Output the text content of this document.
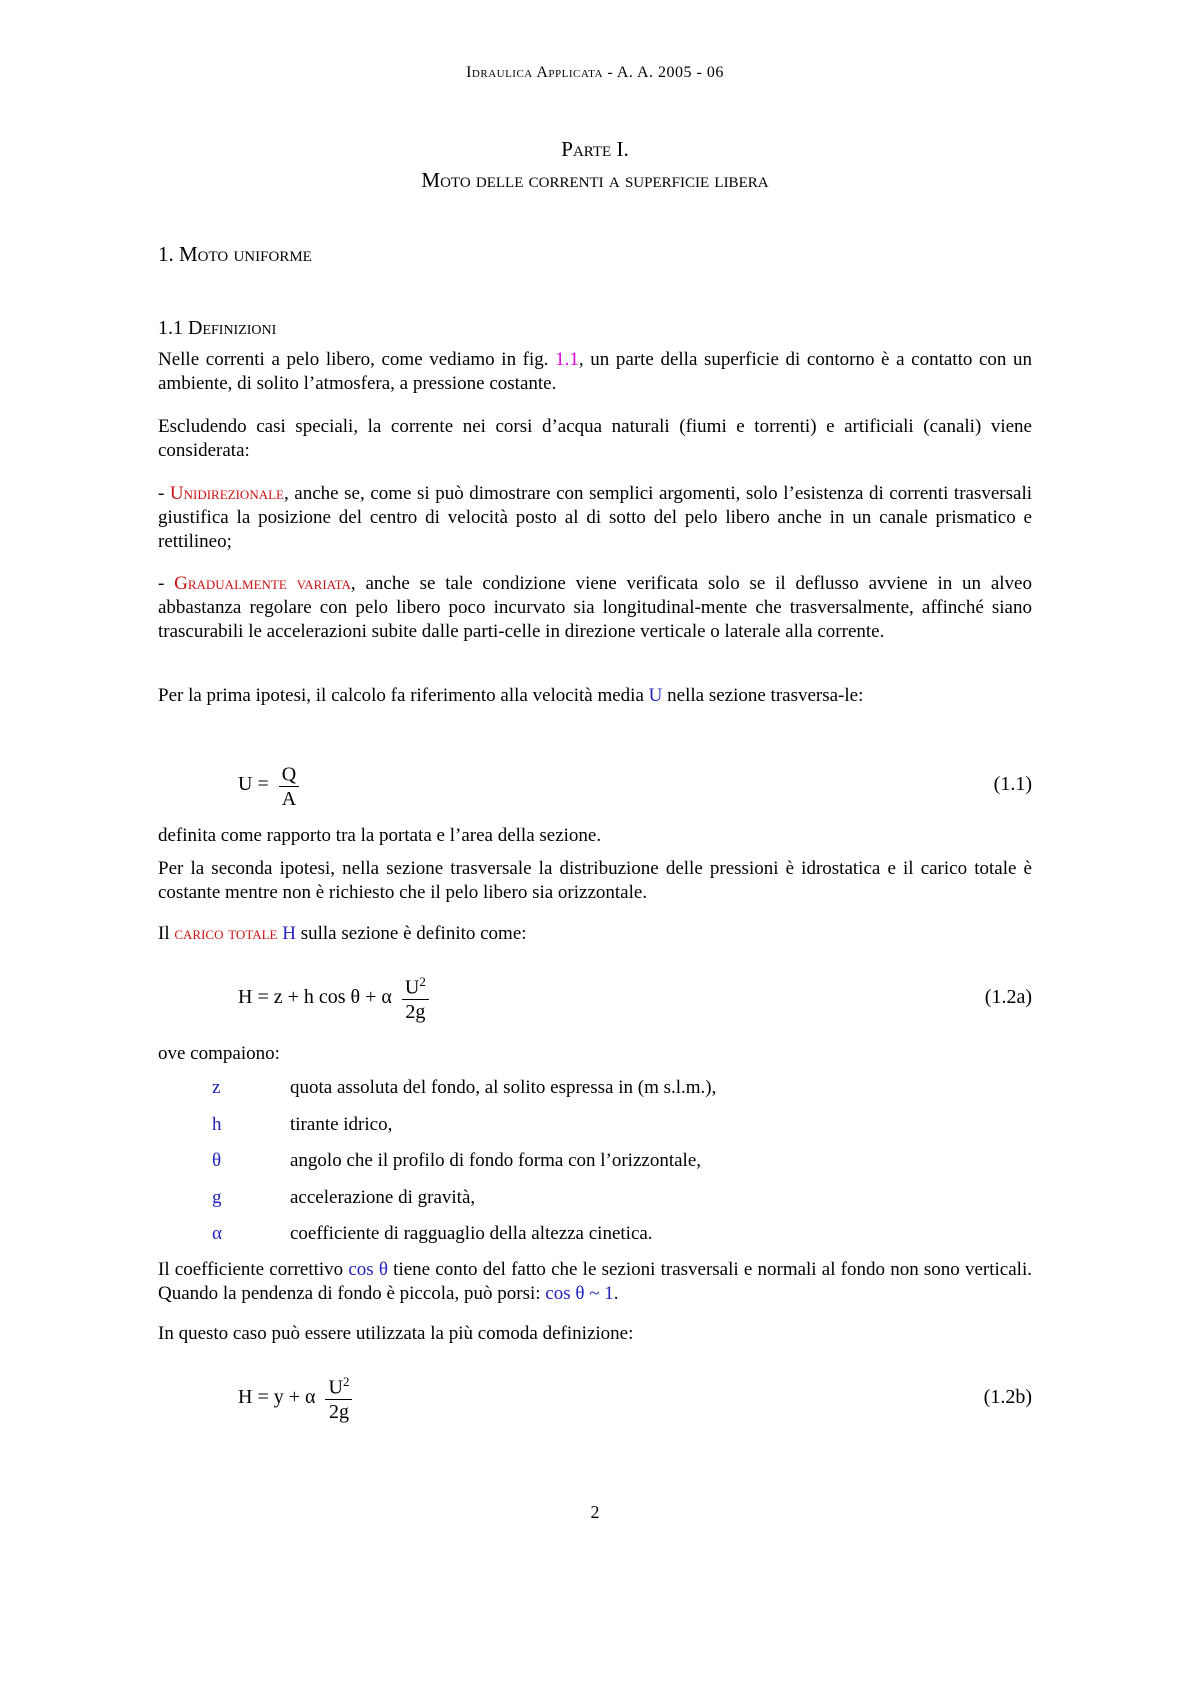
Idraulica Applicata - A. A. 2005 - 06
Parte I.
Moto delle correnti a superficie libera

1. Moto uniforme

1.1 Definizioni

Nelle correnti a pelo libero, come vediamo in fig. 1.1, un parte della superficie di contorno è a contatto con un ambiente, di solito l’atmosfera, a pressione costante.

Escludendo casi speciali, la corrente nei corsi d’acqua naturali (fiumi e torrenti) e artificiali (canali) viene considerata:

- Unidirezionale, anche se, come si può dimostrare con semplici argomenti, solo l’esistenza di correnti trasversali giustifica la posizione del centro di velocità posto al di sotto del pelo libero anche in un canale prismatico e rettilineo;

- Gradualmente variata, anche se tale condizione viene verificata solo se il deflusso avviene in un alveo abbastanza regolare con pelo libero poco incurvato sia longitudinal-mente che trasversalmente, affinché siano trascurabili le accelerazioni subite dalle parti-celle in direzione verticale o laterale alla corrente.

Per la prima ipotesi, il calcolo fa riferimento alla velocità media U nella sezione trasversa-le:

$U = \frac{Q}{A}$	(1.1)

definita come rapporto tra la portata e l’area della sezione.

Per la seconda ipotesi, nella sezione trasversale la distribuzione delle pressioni è idrostatica e il carico totale è costante mentre non è richiesto che il pelo libero sia orizzontale.

Il carico totale H sulla sezione è definito come:

H = z + h cos θ + α $\frac{U^2}{2g}$	(1.2a)

ove compaiono:

z	quota assoluta del fondo, al solito espressa in (m s.l.m.),
h	tirante idrico,
θ	angolo che il profilo di fondo forma con l’orizzontale,
g	accelerazione di gravità,
α	coefficiente di ragguaglio della altezza cinetica.

Il coefficiente correttivo cos θ tiene conto del fatto che le sezioni trasversali e normali al fondo non sono verticali. Quando la pendenza di fondo è piccola, può porsi: cos θ ~ 1.

In questo caso può essere utilizzata la più comoda definizione:

H = y + α $\frac{U^2}{2g}$	(1.2b)
2
